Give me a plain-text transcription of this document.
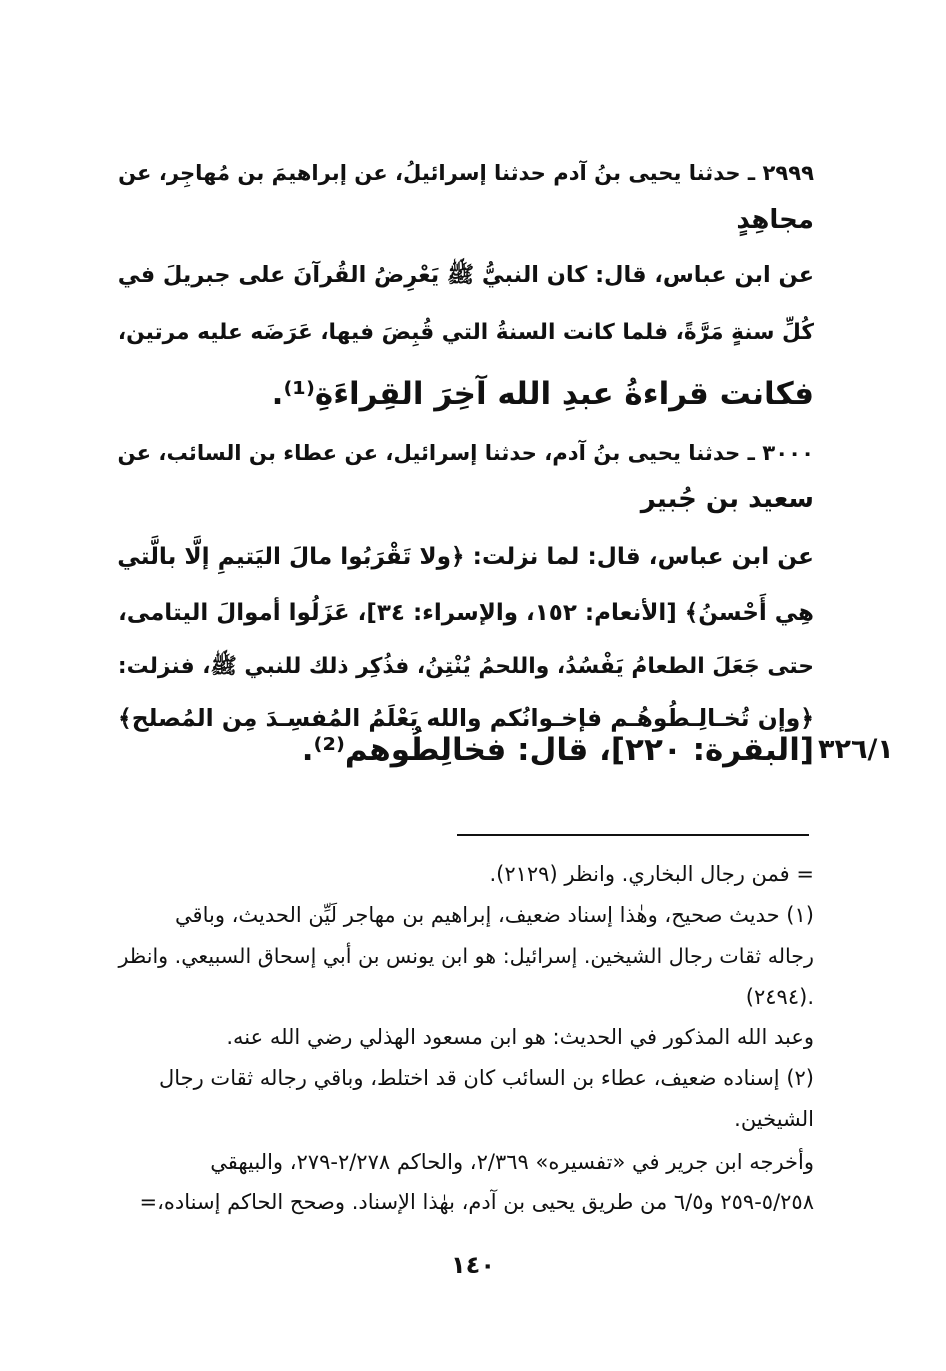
٢٩٩٩ ـ حدثنا يحيى بنُ آدم حدثنا إسرائيلُ، عن إبراهيمَ بن مُهاجِر، عن
مجاهِدٍ
عن ابن عباس، قال: كان النبيُّ ﷺ يَعْرِضُ القُرآنَ على جبريلَ في
كُلِّ سنةٍ مَرَّةً، فلما كانت السنةُ التي قُبِضَ فيها، عَرَضَه عليه مرتين،
فكانت قراءةُ عبدِ الله آخِرَ القِراءَةِ⁽¹⁾.
٣٠٠٠ ـ حدثنا يحيى بنُ آدم، حدثنا إسرائيل، عن عطاء بن السائب، عن
سعيد بن جُبير
عن ابن عباس، قال: لما نزلت: ﴿ولا تَقْرَبُوا مالَ اليَتيمِ إلَّا بالَّتي
هِي أَحْسنُ﴾ [الأنعام: ١٥٢، والإسراء: ٣٤]، عَزَلُوا أموالَ اليتامى،
حتى جَعَلَ الطعامُ يَفْسُدُ، واللحمُ يُنْتِنُ، فذُكِر ذلك للنبي ﷺ، فنزلت:
﴿وإن تُخـالِـطُوهُـم فإخـوانُكم والله يَعْلَمُ المُفسِـدَ مِن المُصلح﴾
[البقرة: ٢٢٠]، قال: فخالِطُوهم⁽²⁾. ٣٢٦/١
= فمن رجال البخاري. وانظر (٢١٢٩).
(١) حديث صحيح، وهٰذا إسناد ضعيف، إبراهيم بن مهاجر لَيِّن الحديث، وباقي
رجاله ثقات رجال الشيخين. إسرائيل: هو ابن يونس بن أبي إسحاق السبيعي. وانظر
(٢٤٩٤).
وعبد الله المذكور في الحديث: هو ابن مسعود الهذلي رضي الله عنه.
(٢) إسناده ضعيف، عطاء بن السائب كان قد اختلط، وباقي رجاله ثقات رجال
الشيخين.
وأخرجه ابن جرير في «تفسيره» ٢/٣٦٩، والحاكم ٢/٢٧٨-٢٧٩، والبيهقي
٥/٢٥٨-٢٥٩ و٦/٥ من طريق يحيى بن آدم، بهٰذا الإسناد. وصحح الحاكم إسناده،=
١٤٠
